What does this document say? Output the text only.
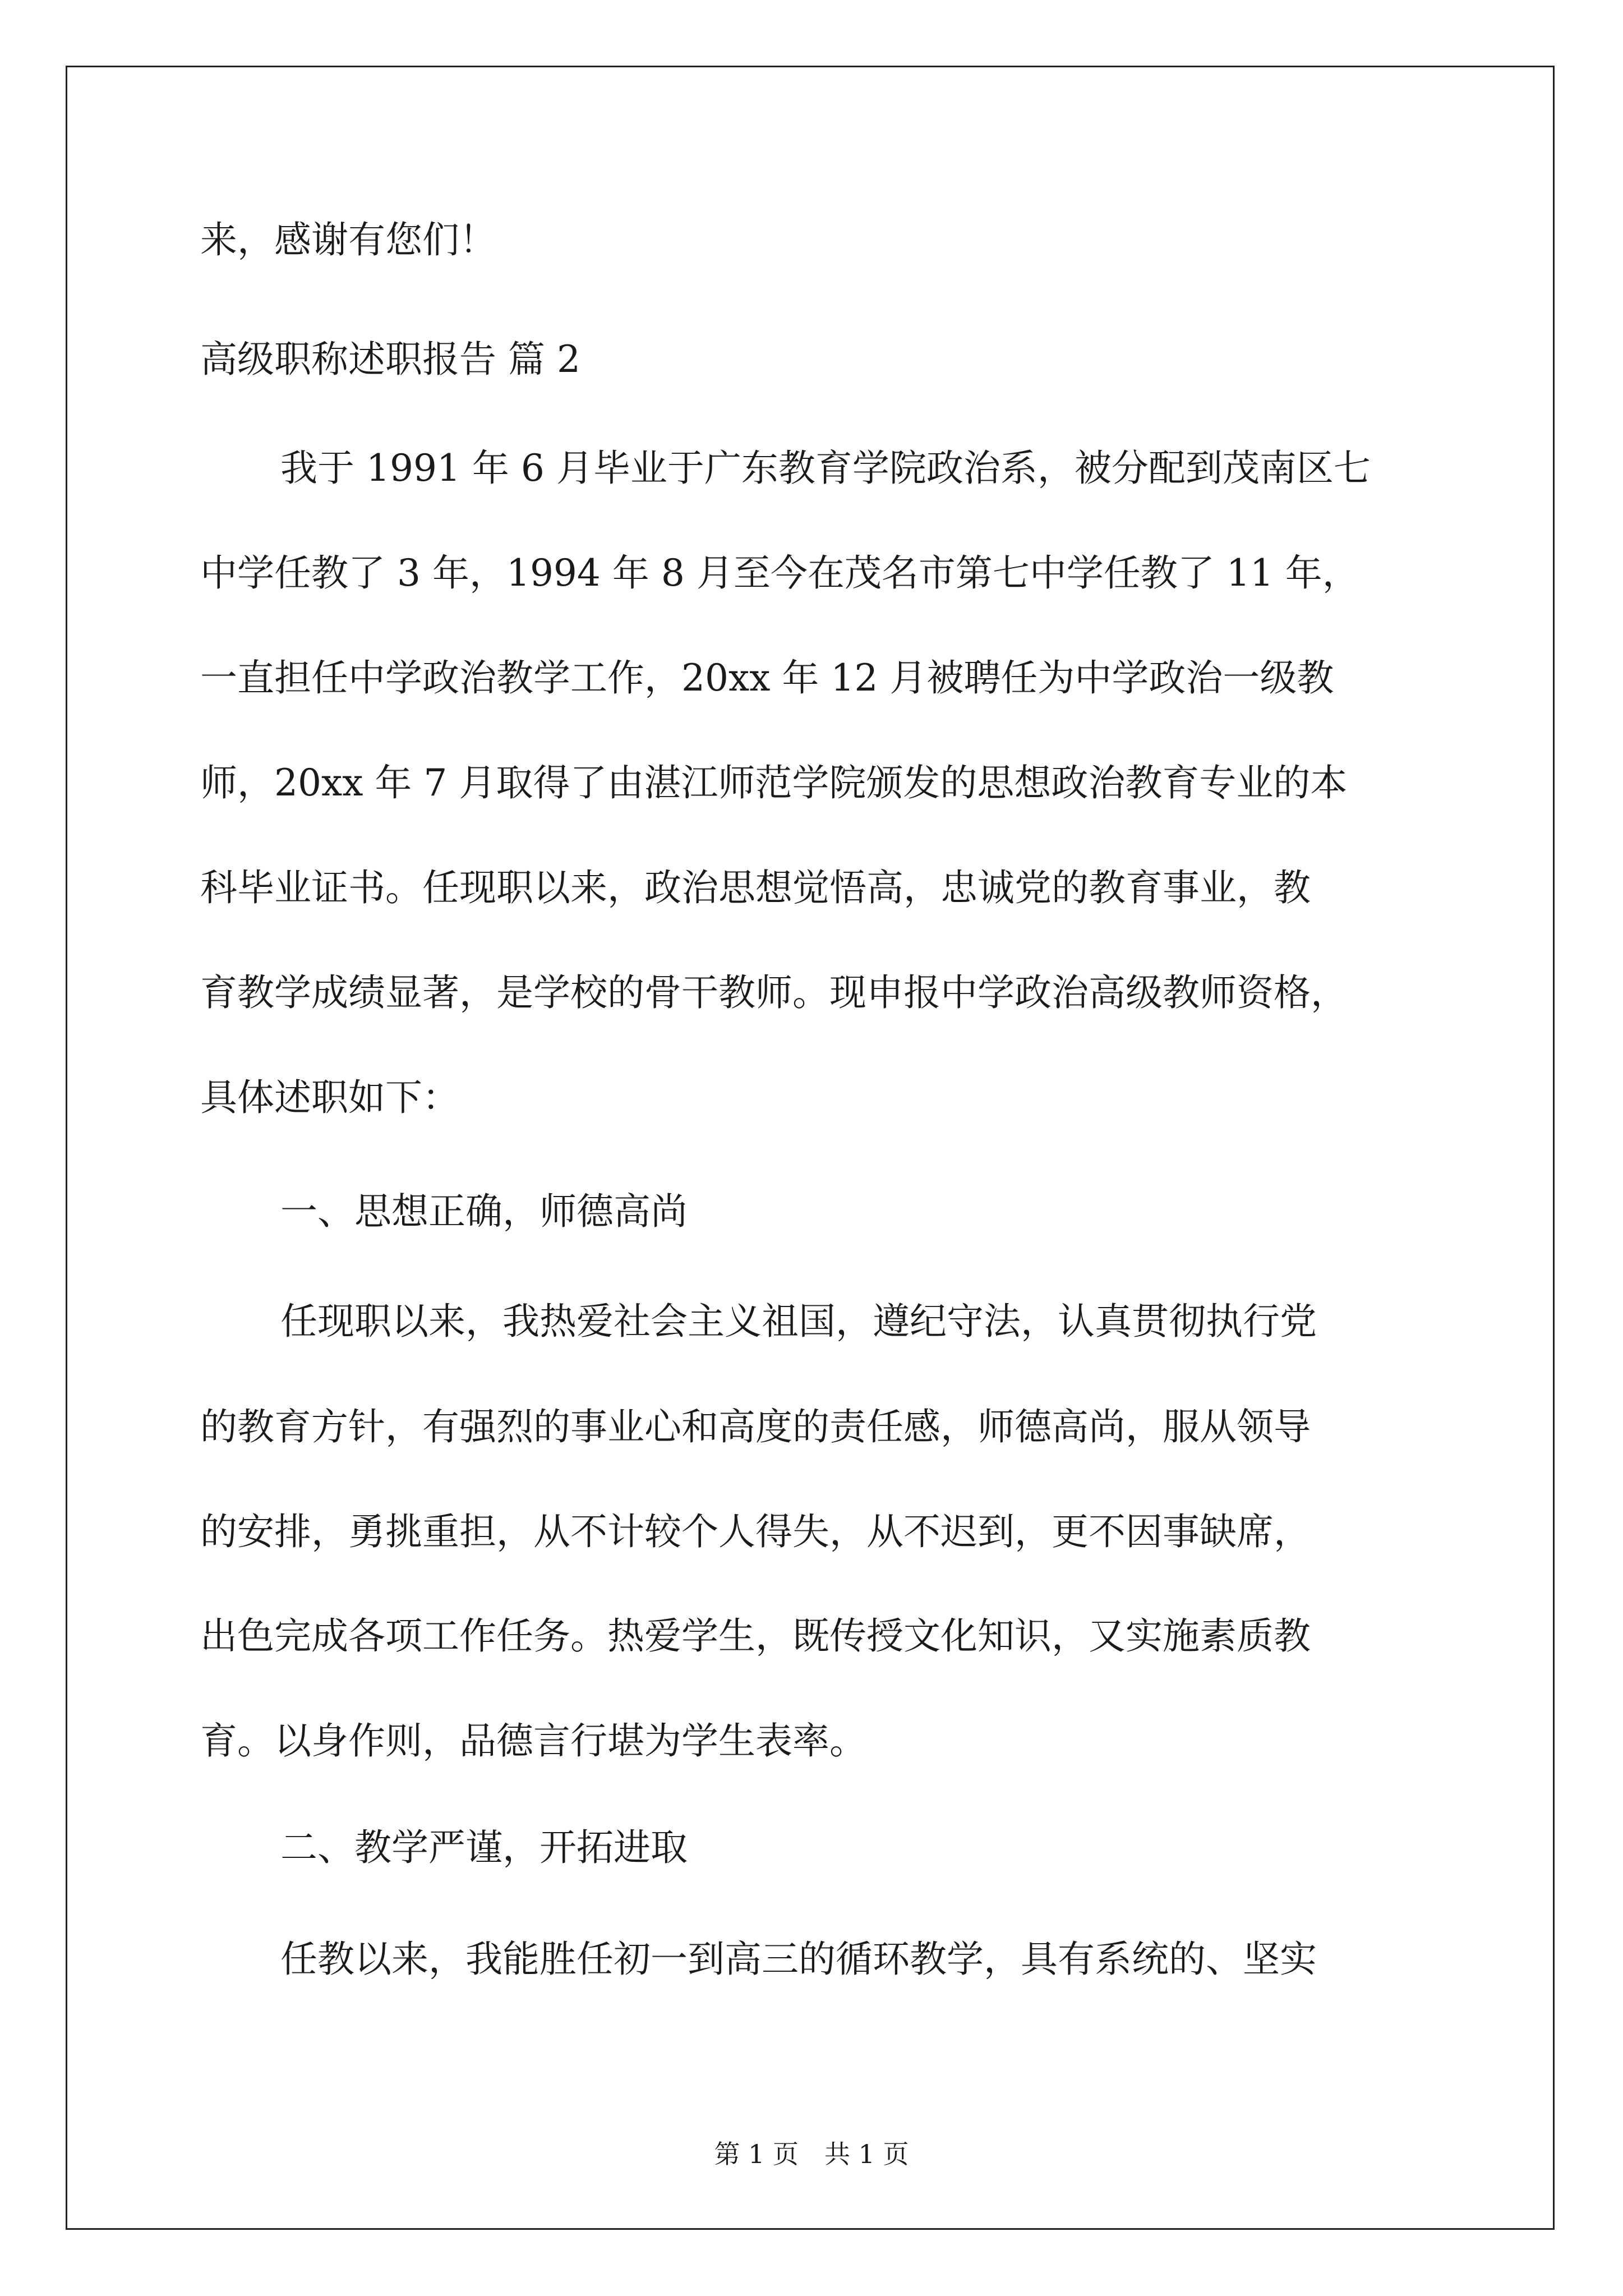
来，感谢有您们！
高级职称述职报告 篇 2
我于 1991 年 6 月毕业于广东教育学院政治系，被分配到茂南区七
中学任教了 3 年，1994 年 8 月至今在茂名市第七中学任教了 11 年，
一直担任中学政治教学工作，20xx 年 12 月被聘任为中学政治一级教
师，20xx 年 7 月取得了由湛江师范学院颁发的思想政治教育专业的本
科毕业证书。任现职以来，政治思想觉悟高，忠诚党的教育事业，教
育教学成绩显著，是学校的骨干教师。现申报中学政治高级教师资格，
具体述职如下：
一、思想正确，师德高尚
任现职以来，我热爱社会主义祖国，遵纪守法，认真贯彻执行党
的教育方针，有强烈的事业心和高度的责任感，师德高尚，服从领导
的安排，勇挑重担，从不计较个人得失，从不迟到，更不因事缺席，
出色完成各项工作任务。热爱学生，既传授文化知识，又实施素质教
育。以身作则，品德言行堪为学生表率。
二、教学严谨，开拓进取
任教以来，我能胜任初一到高三的循环教学，具有系统的、坚实
第 1 页　共 1 页
